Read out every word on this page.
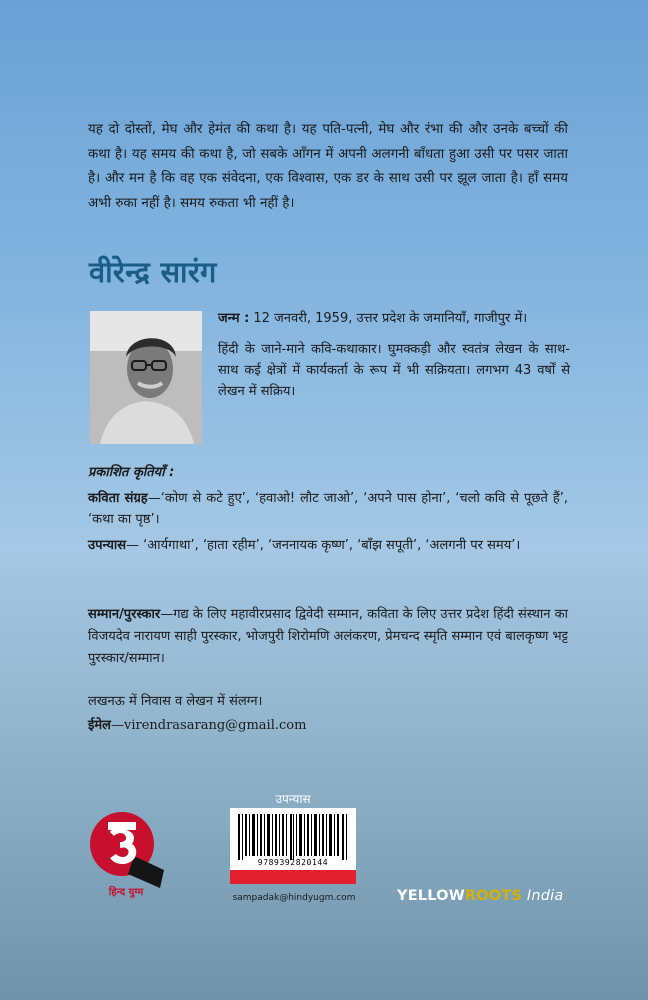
यह दो दोस्तों, मेघ और हेमंत की कथा है। यह पति-पत्नी, मेघ और रंभा की और उनके बच्चों की कथा है। यह समय की कथा है, जो सबके आँगन में अपनी अलगनी बाँधता हुआ उसी पर पसर जाता है। और मन है कि वह एक संवेदना, एक विश्वास, एक डर के साथ उसी पर झूल जाता है। हाँ समय अभी रुका नहीं है। समय रुकता भी नहीं है।
वीरेन्द्र सारंग

जन्म : 12 जनवरी, 1959, उत्तर प्रदेश के जमानियाँ, गाजीपुर में।

हिंदी के जाने-माने कवि-कथाकार। घुमक्कड़ी और स्वतंत्र लेखन के साथ-साथ कई क्षेत्रों में कार्यकर्ता के रूप में भी सक्रियता। लगभग 43 वर्षों से लेखन में सक्रिय।

प्रकाशित कृतियाँ :

कविता संग्रह—‘कोण से कटे हुए’, ‘हवाओ! लौट जाओ’, ‘अपने पास होना’, ‘चलो कवि से पूछते हैं’, ‘कथा का पृष्ठ’।

उपन्यास— ‘आर्यगाथा’, ‘हाता रहीम’, ‘जननायक कृष्ण’, ‘बाँझ सपूती’, ‘अलगनी पर समय’।

सम्मान/पुरस्कार—गद्य के लिए महावीरप्रसाद द्विवेदी सम्मान, कविता के लिए उत्तर प्रदेश हिंदी संस्थान का विजयदेव नारायण साही पुरस्कार, भोजपुरी शिरोमणि अलंकरण, प्रेमचन्द स्मृति सम्मान एवं बालकृष्ण भट्ट पुरस्कार/सम्मान।

लखनऊ में निवास व लेखन में संलग्न।

ईमेल—virendrasarang@gmail.com

हिन्द युग्म
उपन्यास
9789392820144
sampadak@hindyugm.com	YELLOWROOTS India
